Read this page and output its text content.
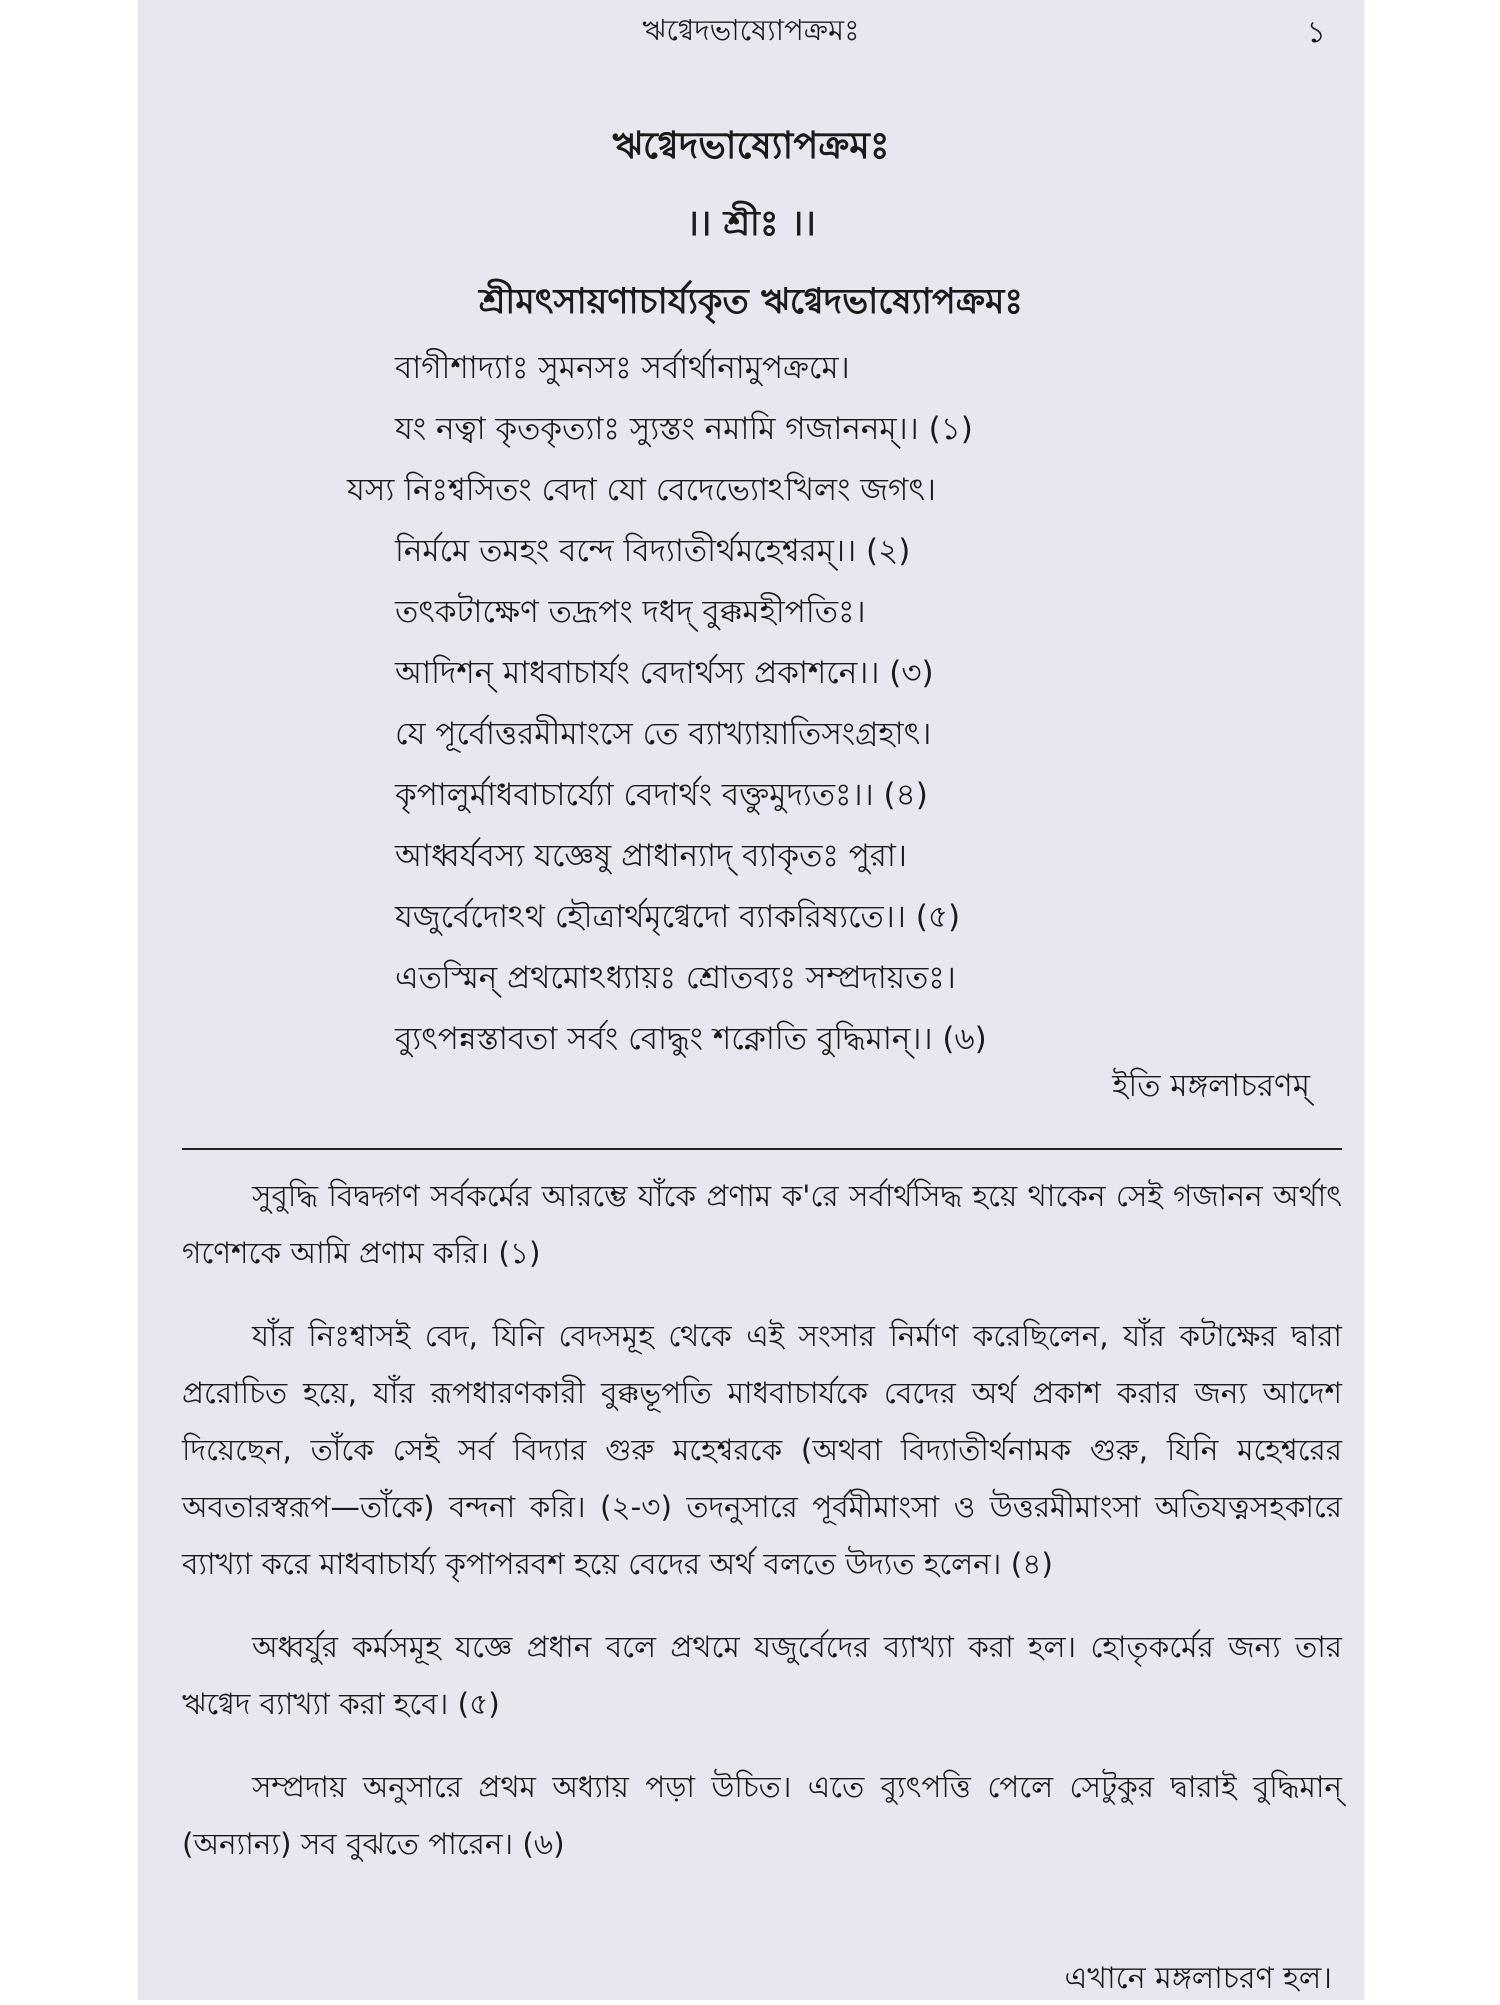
ঋগ্বেদভাষ্যোপক্রমঃ	১
ঋগ্বেদভাষ্যোপক্রমঃ
।। শ্রীঃ ।।
শ্রীমৎসায়ণাচার্য্যকৃত ঋগ্বেদভাষ্যোপক্রমঃ
বাগীশাদ্যাঃ সুমনসঃ সর্বার্থানামুপক্রমে।
যং নত্বা কৃতকৃত্যাঃ স্যুস্তং নমামি গজাননম্।। (১)
যস্য নিঃশ্বসিতং বেদা যো বেদেভ্যোঽখিলং জগৎ।
নির্মমে তমহং বন্দে বিদ্যাতীর্থমহেশ্বরম্।। (২)
তৎকটাক্ষেণ তদ্রূপং দধদ্ বুক্কমহীপতিঃ।
আদিশন্ মাধবাচার্যং বেদার্থস্য প্রকাশনে।। (৩)
যে পূর্বোত্তরমীমাংসে তে ব্যাখ্যায়াতিসংগ্রহাৎ।
কৃপালুর্মাধবাচার্য্যো বেদার্থং বক্তুমুদ্যতঃ।। (৪)
আধ্বর্যবস্য যজ্ঞেষু প্রাধান্যাদ্ ব্যাকৃতঃ পুরা।
যজুর্বেদোঽথ হৌত্রার্থমৃগ্বেদো ব্যাকরিষ্যতে।। (৫)
এতস্মিন্ প্রথমোঽধ্যায়ঃ শ্রোতব্যঃ সম্প্রদায়তঃ।
ব্যুৎপন্নস্তাবতা সর্বং বোদ্ধুং শক্নোতি বুদ্ধিমান্।। (৬)
ইতি মঙ্গলাচরণম্

সুবুদ্ধি বিদ্বদ্গণ সর্বকর্মের আরম্ভে যাঁকে প্রণাম ক'রে সর্বার্থসিদ্ধ হয়ে থাকেন সেই গজানন অর্থাৎ গণেশকে আমি প্রণাম করি। (১)

যাঁর নিঃশ্বাসই বেদ, যিনি বেদসমূহ থেকে এই সংসার নির্মাণ করেছিলেন, যাঁর কটাক্ষের দ্বারা প্ররোচিত হয়ে, যাঁর রূপধারণকারী বুক্কভূপতি মাধবাচার্যকে বেদের অর্থ প্রকাশ করার জন্য আদেশ দিয়েছেন, তাঁকে সেই সর্ব বিদ্যার গুরু মহেশ্বরকে (অথবা বিদ্যাতীর্থনামক গুরু, যিনি মহেশ্বরের অবতারস্বরূপ—তাঁকে) বন্দনা করি। (২-৩) তদনুসারে পূর্বমীমাংসা ও উত্তরমীমাংসা অতিযত্নসহকারে ব্যাখ্যা করে মাধবাচার্য্য কৃপাপরবশ হয়ে বেদের অর্থ বলতে উদ্যত হলেন। (৪)

অধ্বর্যুর কর্মসমূহ যজ্ঞে প্রধান বলে প্রথমে যজুর্বেদের ব্যাখ্যা করা হল। হোতৃকর্মের জন্য তার ঋগ্বেদ ব্যাখ্যা করা হবে। (৫)

সম্প্রদায় অনুসারে প্রথম অধ্যায় পড়া উচিত। এতে ব্যুৎপত্তি পেলে সেটুকুর দ্বারাই বুদ্ধিমান্ (অন্যান্য) সব বুঝতে পারেন। (৬)

এখানে মঙ্গলাচরণ হল।
